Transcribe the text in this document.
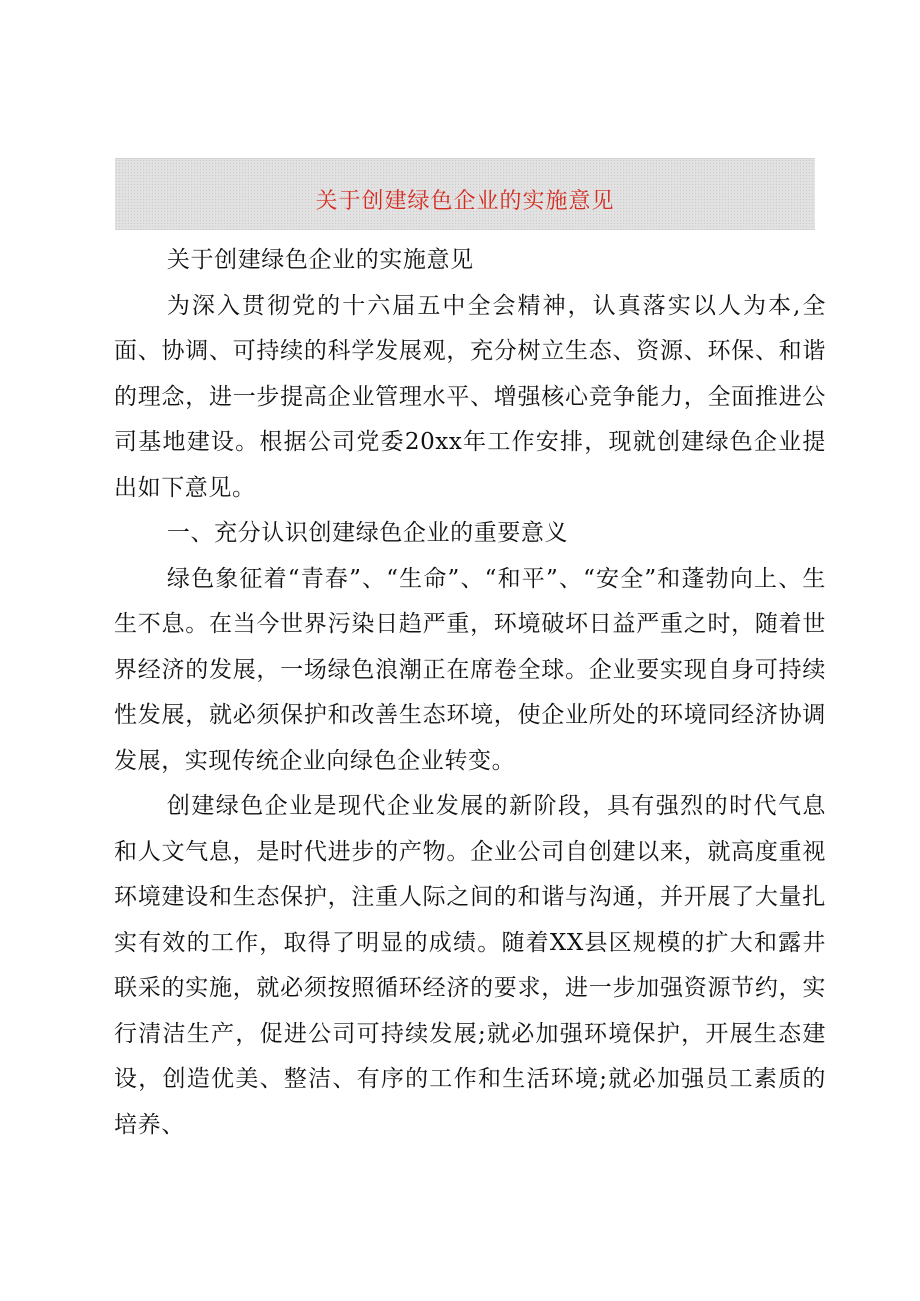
关于创建绿色企业的实施意见

关于创建绿色企业的实施意见

为深入贯彻党的十六届五中全会精神，认真落实以人为本,全面、协调、可持续的科学发展观，充分树立生态、资源、环保、和谐的理念，进一步提高企业管理水平、增强核心竞争能力，全面推进公司基地建设。根据公司党委20xx年工作安排，现就创建绿色企业提出如下意见。

一、充分认识创建绿色企业的重要意义

绿色象征着“青春”、“生命”、“和平”、“安全”和蓬勃向上、生生不息。在当今世界污染日趋严重，环境破坏日益严重之时，随着世界经济的发展，一场绿色浪潮正在席卷全球。企业要实现自身可持续性发展，就必须保护和改善生态环境，使企业所处的环境同经济协调发展，实现传统企业向绿色企业转变。

创建绿色企业是现代企业发展的新阶段，具有强烈的时代气息和人文气息，是时代进步的产物。企业公司自创建以来，就高度重视环境建设和生态保护，注重人际之间的和谐与沟通，并开展了大量扎实有效的工作，取得了明显的成绩。随着XX县区规模的扩大和露井联采的实施，就必须按照循环经济的要求，进一步加强资源节约，实行清洁生产，促进公司可持续发展;就必加强环境保护，开展生态建设，创造优美、整洁、有序的工作和生活环境;就必加强员工素质的培养、
